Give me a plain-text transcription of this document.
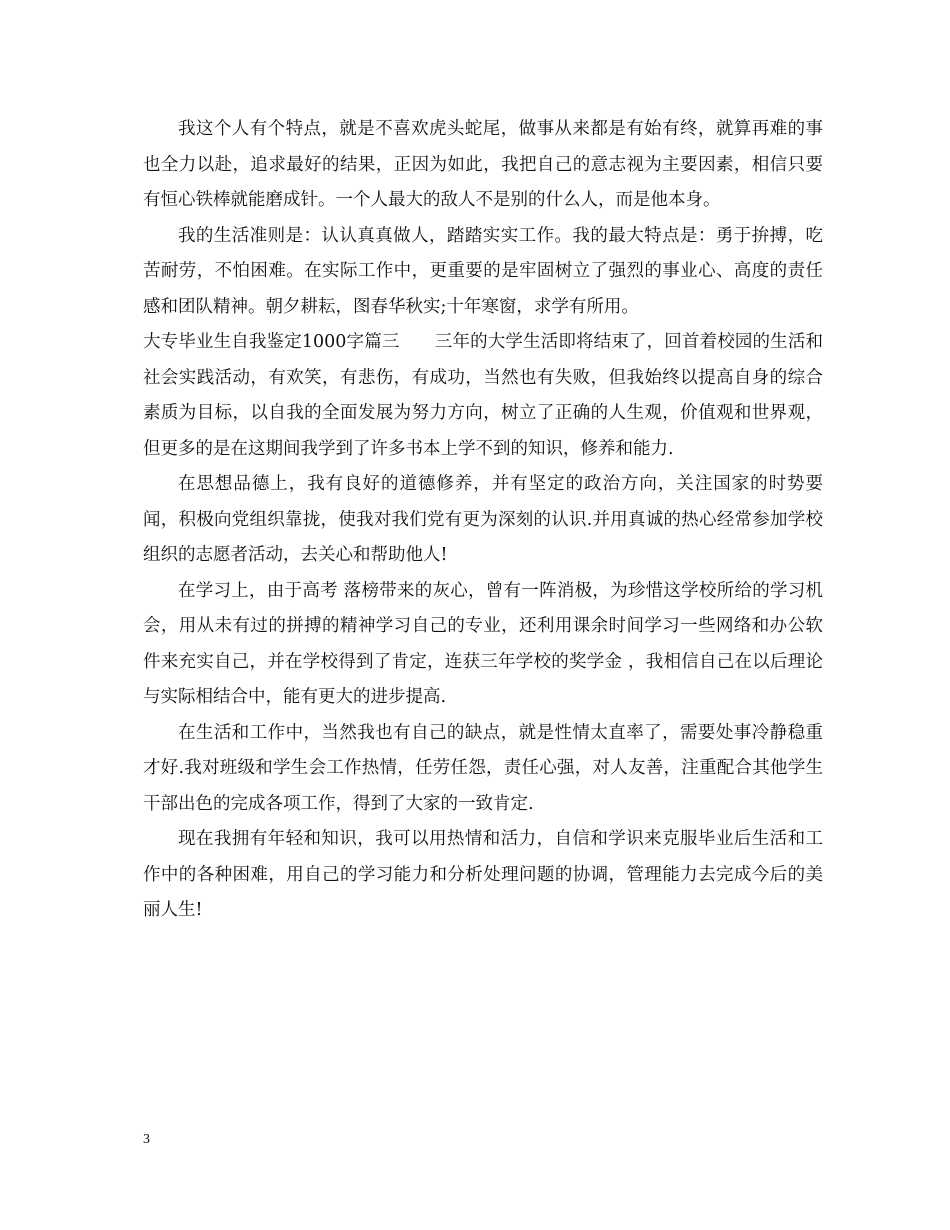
我这个人有个特点，就是不喜欢虎头蛇尾，做事从来都是有始有终，就算再难的事也全力以赴，追求最好的结果，正因为如此，我把自己的意志视为主要因素，相信只要有恒心铁棒就能磨成针。一个人最大的敌人不是别的什么人，而是他本身。

我的生活准则是：认认真真做人，踏踏实实工作。我的最大特点是：勇于拚搏，吃苦耐劳，不怕困难。在实际工作中，更重要的是牢固树立了强烈的事业心、高度的责任感和团队精神。朝夕耕耘，图春华秋实;十年寒窗，求学有所用。

大专毕业生自我鉴定1000字篇三　　三年的大学生活即将结束了，回首着校园的生活和社会实践活动，有欢笑，有悲伤，有成功，当然也有失败，但我始终以提高自身的综合素质为目标，以自我的全面发展为努力方向，树立了正确的人生观，价值观和世界观，但更多的是在这期间我学到了许多书本上学不到的知识，修养和能力.

在思想品德上，我有良好的道德修养，并有坚定的政治方向，关注国家的时势要闻，积极向党组织靠拢，使我对我们党有更为深刻的认识.并用真诚的热心经常参加学校组织的志愿者活动，去关心和帮助他人!

在学习上，由于高考 落榜带来的灰心，曾有一阵消极，为珍惜这学校所给的学习机会，用从未有过的拼搏的精神学习自己的专业，还利用课余时间学习一些网络和办公软件来充实自己，并在学校得到了肯定，连获三年学校的奖学金 ，我相信自己在以后理论与实际相结合中，能有更大的进步提高.

在生活和工作中，当然我也有自己的缺点，就是性情太直率了，需要处事冷静稳重才好.我对班级和学生会工作热情，任劳任怨，责任心强，对人友善，注重配合其他学生干部出色的完成各项工作，得到了大家的一致肯定.

现在我拥有年轻和知识，我可以用热情和活力，自信和学识来克服毕业后生活和工作中的各种困难，用自己的学习能力和分析处理问题的协调，管理能力去完成今后的美丽人生!

3
